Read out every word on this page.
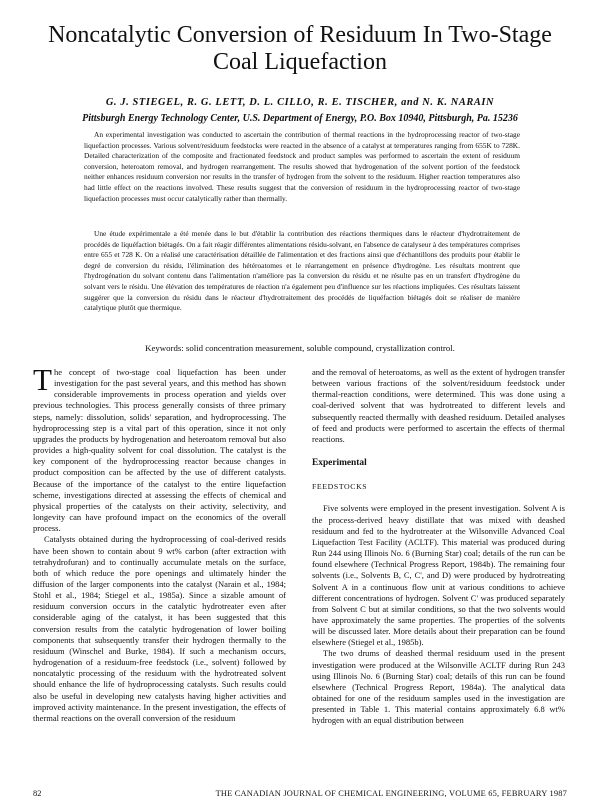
Noncatalytic Conversion of Residuum In Two-Stage
Coal Liquefaction
G. J. STIEGEL, R. G. LETT, D. L. CILLO, R. E. TISCHER, and N. K. NARAIN
Pittsburgh Energy Technology Center, U.S. Department of Energy, P.O. Box 10940, Pittsburgh, Pa. 15236

An experimental investigation was conducted to ascertain the contribution of thermal reactions in the hydroprocessing reactor of two-stage liquefaction processes. Various solvent/residuum feedstocks were reacted in the absence of a catalyst at temperatures ranging from 655K to 728K. Detailed characterization of the composite and fractionated feedstock and product samples was performed to ascertain the extent of residuum conversion, heteroatom removal, and hydrogen rearrangement. The results showed that hydrogenation of the solvent portion of the feedstock neither enhances residuum conversion nor results in the transfer of hydrogen from the solvent to the residuum. Higher reaction temperatures also had little effect on the reactions involved. These results suggest that the conversion of residuum in the hydroprocessing reactor of two-stage liquefaction processes must occur catalytically rather than thermally.

Une étude expérimentale a été menée dans le but d'établir la contribution des réactions thermiques dans le réacteur d'hydrotraitement de procédés de liquéfaction biétagés. On a fait réagir différentes alimentations résidu-solvant, en l'absence de catalyseur à des températures comprises entre 655 et 728 K. On a réalisé une caractérisation détaillée de l'alimentation et des fractions ainsi que d'échantillons des produits pour établir le degré de conversion du résidu, l'élimination des hétéroatomes et le réarrangement en présence d'hydrogène. Les résultats montrent que l'hydrogénation du solvant contenu dans l'alimentation n'améliore pas la conversion du résidu et ne résulte pas en un transfert d'hydrogène du solvant vers le résidu. Une élévation des températures de réaction n'a également peu d'influence sur les réactions impliquées. Ces résultats laissent suggérer que la conversion du résidu dans le réacteur d'hydrotraitement des procédés de liquéfaction biétagés doit se réaliser de manière catalytique plutôt que thermique.

Keywords: solid concentration measurement, soluble compound, crystallization control.

The concept of two-stage coal liquefaction has been under investigation for the past several years, and this method has shown considerable improvements in process operation and yields over previous technologies. This process generally consists of three primary steps, namely: dissolution, solids' separation, and hydroprocessing. The hydroprocessing step is a vital part of this operation, since it not only upgrades the products by hydrogenation and heteroatom removal but also provides a high-quality solvent for coal dissolution. The catalyst is the key component of the hydroprocessing reactor because changes in product composition can be affected by the use of different catalysts. Because of the importance of the catalyst to the entire liquefaction scheme, investigations directed at assessing the effects of chemical and physical properties of the catalysts on their activity, selectivity, and longevity can have profound impact on the economics of the overall process.

Catalysts obtained during the hydroprocessing of coal-derived resids have been shown to contain about 9 wt% carbon (after extraction with tetrahydrofuran) and to continually accumulate metals on the surface, both of which reduce the pore openings and ultimately hinder the diffusion of the larger components into the catalyst (Narain et al., 1984; Stohl et al., 1984; Stiegel et al., 1985a). Since a sizable amount of residuum conversion occurs in the catalytic hydrotreater even after considerable aging of the catalyst, it has been suggested that this conversion results from the catalytic hydrogenation of lower boiling components that subsequently transfer their hydrogen thermally to the residuum (Winschel and Burke, 1984). If such a mechanism occurs, hydrogenation of a residuum-free feedstock (i.e., solvent) followed by noncatalytic processing of the residuum with the hydrotreated solvent should enhance the life of hydroprocessing catalysts. Such results could also be useful in developing new catalysts having higher activities and improved activity maintenance. In the present investigation, the effects of thermal reactions on the overall conversion of the residuum

and the removal of heteroatoms, as well as the extent of hydrogen transfer between various fractions of the solvent/residuum feedstock under thermal-reaction conditions, were determined. This was done using a coal-derived solvent that was hydrotreated to different levels and subsequently reacted thermally with deashed residuum. Detailed analyses of feed and products were performed to ascertain the effects of thermal reactions.

Experimental
FEEDSTOCKS

Five solvents were employed in the present investigation. Solvent A is the process-derived heavy distillate that was mixed with deashed residuum and fed to the hydrotreater at the Wilsonville Advanced Coal Liquefaction Test Facility (ACLTF). This material was produced during Run 244 using Illinois No. 6 (Burning Star) coal; details of the run can be found elsewhere (Technical Progress Report, 1984b). The remaining four solvents (i.e., Solvents B, C, C', and D) were produced by hydrotreating Solvent A in a continuous flow unit at various conditions to achieve different concentrations of hydrogen. Solvent C' was produced separately from Solvent C but at similar conditions, so that the two solvents would have approximately the same properties. The properties of the solvents will be discussed later. More details about their preparation can be found elsewhere (Stiegel et al., 1985b).

The two drums of deashed thermal residuum used in the present investigation were produced at the Wilsonville ACLTF during Run 243 using Illinois No. 6 (Burning Star) coal; details of this run can be found elsewhere (Technical Progress Report, 1984a). The analytical data obtained for one of the residuum samples used in the investigation are presented in Table 1. This material contains approximately 6.8 wt% hydrogen with an equal distribution between

82	THE CANADIAN JOURNAL OF CHEMICAL ENGINEERING, VOLUME 65, FEBRUARY 1987
